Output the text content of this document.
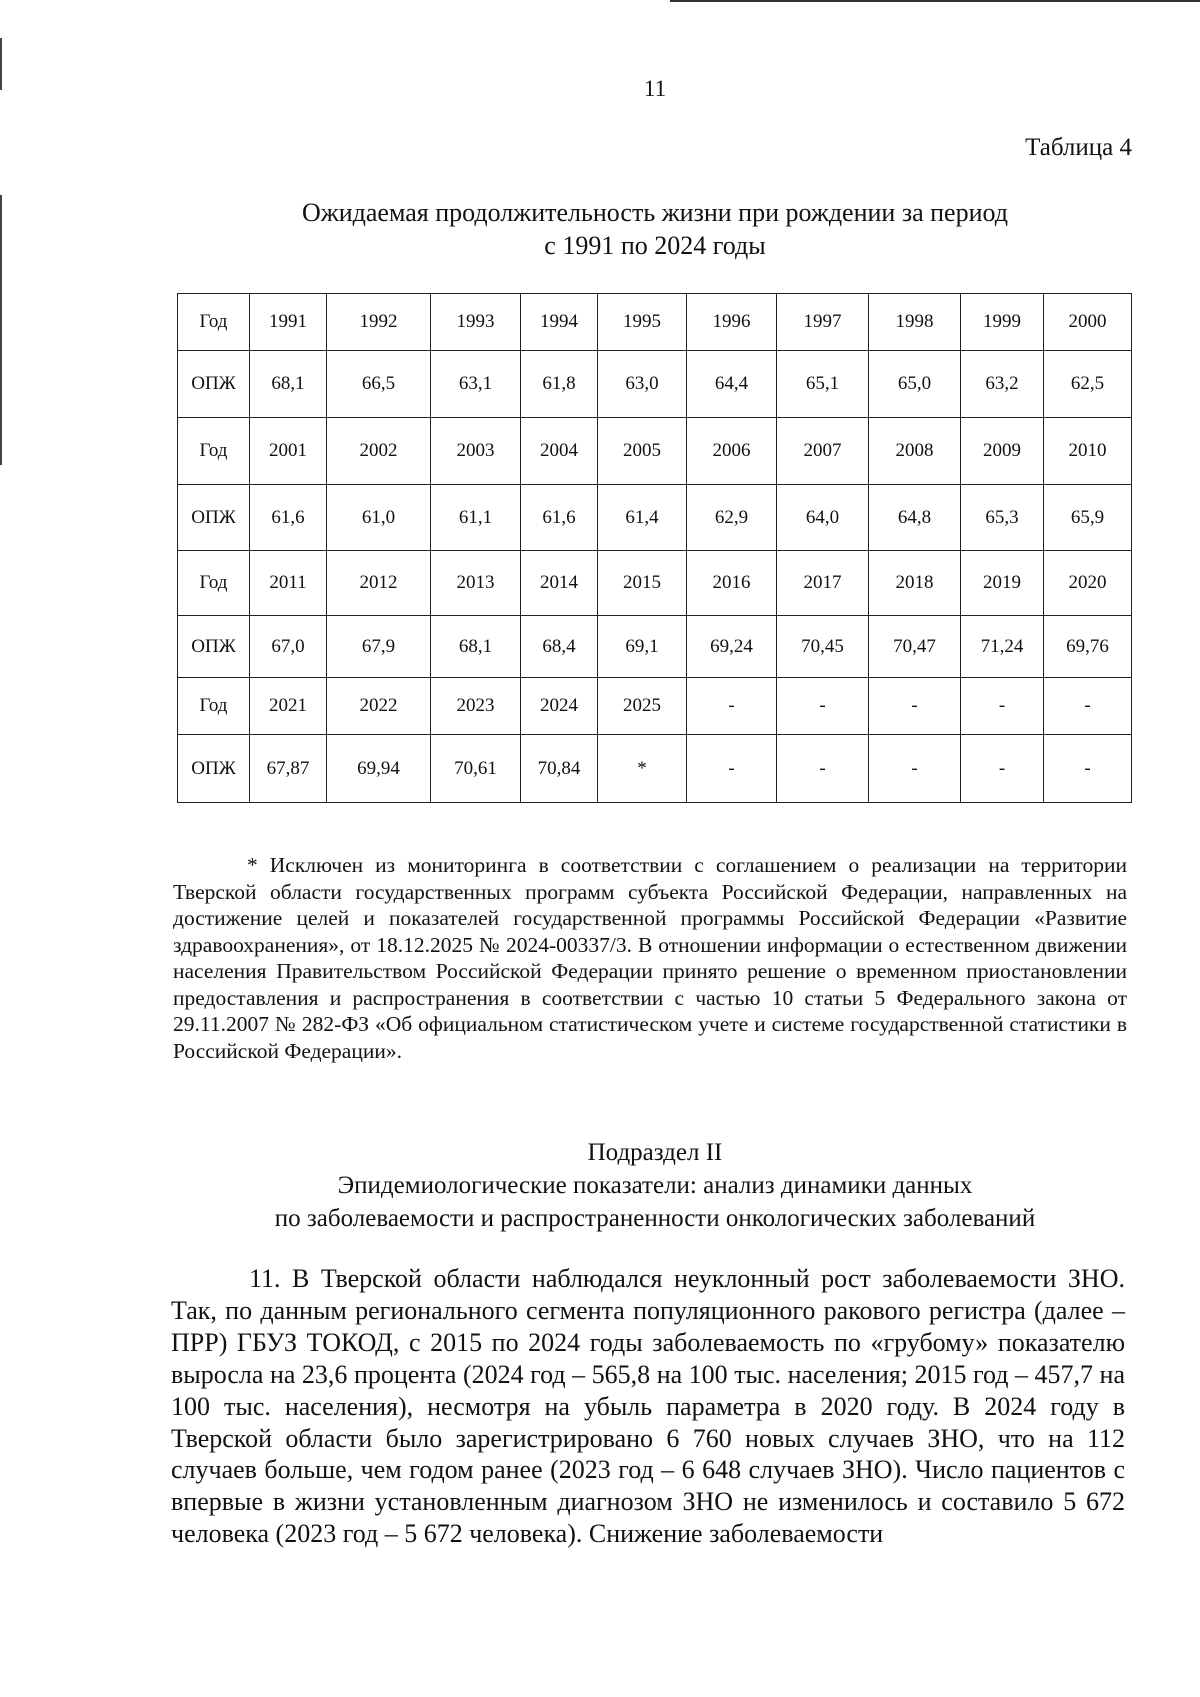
11
Таблица 4
Ожидаемая продолжительность жизни при рождении за период
с 1991 по 2024 годы
Год	1991	1992	1993	1994	1995	1996	1997	1998	1999	2000
ОПЖ	68,1	66,5	63,1	61,8	63,0	64,4	65,1	65,0	63,2	62,5
Год	2001	2002	2003	2004	2005	2006	2007	2008	2009	2010
ОПЖ	61,6	61,0	61,1	61,6	61,4	62,9	64,0	64,8	65,3	65,9
Год	2011	2012	2013	2014	2015	2016	2017	2018	2019	2020
ОПЖ	67,0	67,9	68,1	68,4	69,1	69,24	70,45	70,47	71,24	69,76
Год	2021	2022	2023	2024	2025	-	-	-	-	-
ОПЖ	67,87	69,94	70,61	70,84	*	-	-	-	-	-

* Исключен из мониторинга в соответствии с соглашением о реализации на территории Тверской области государственных программ субъекта Российской Федерации, направленных на достижение целей и показателей государственной программы Российской Федерации «Развитие здравоохранения», от 18.12.2025 № 2024-00337/3. В отношении информации о естественном движении населения Правительством Российской Федерации принято решение о временном приостановлении предоставления и распространения в соответствии с частью 10 статьи 5 Федерального закона от 29.11.2007 № 282-ФЗ «Об официальном статистическом учете и системе государственной статистики в Российской Федерации».

Подраздел II
Эпидемиологические показатели: анализ динамики данных
по заболеваемости и распространенности онкологических заболеваний

11. В Тверской области наблюдался неуклонный рост заболеваемости ЗНО. Так, по данным регионального сегмента популяционного ракового регистра (далее – ПРР) ГБУЗ ТОКОД, с 2015 по 2024 годы заболеваемость по «грубому» показателю выросла на 23,6 процента (2024 год – 565,8 на 100 тыс. населения; 2015 год – 457,7 на 100 тыс. населения), несмотря на убыль параметра в 2020 году. В 2024 году в Тверской области было зарегистрировано 6 760 новых случаев ЗНО, что на 112 случаев больше, чем годом ранее (2023 год – 6 648 случаев ЗНО). Число пациентов с впервые в жизни установленным диагнозом ЗНО не изменилось и составило 5 672 человека (2023 год – 5 672 человека). Снижение заболеваемости
